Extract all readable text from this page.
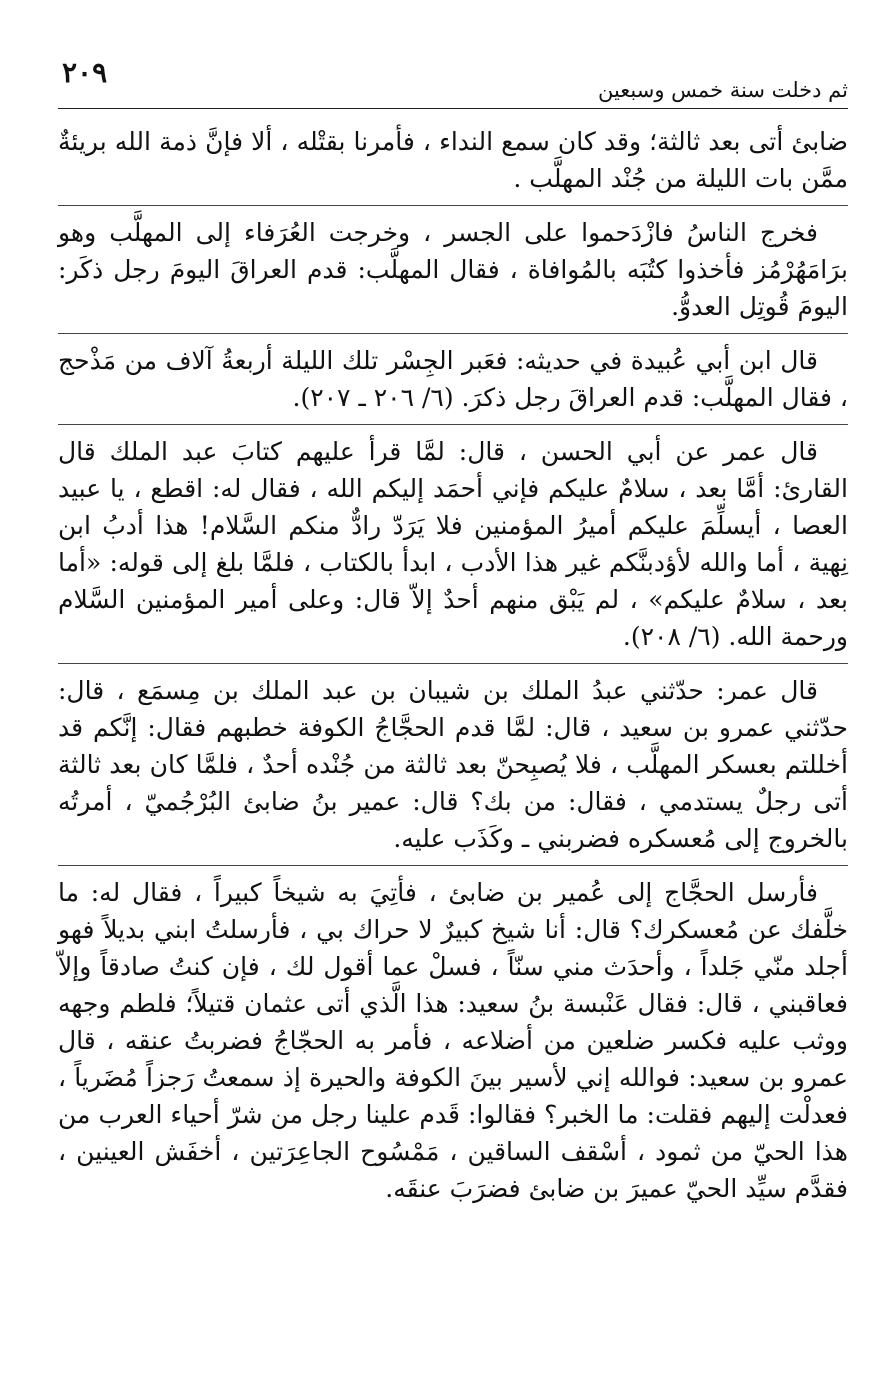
٢٠٩
ثم دخلت سنة خمس وسبعين

ضابئ أتى بعد ثالثة؛ وقد كان سمع النداء ، فأمرنا بقتْله ، ألا فإنَّ ذمة الله بريئةٌ ممَّن بات الليلة من جُنْد المهلَّب .

فخرج الناسُ فازْدَحموا على الجسر ، وخرجت العُرَفاء إلى المهلَّب وهو برَامَهُرْمُز فأخذوا كتُبَه بالمُوافاة ، فقال المهلَّب: قدم العراقَ اليومَ رجل ذكَر: اليومَ قُوتِل العدوُّ.

قال ابن أبي عُبيدة في حديثه: فعَبر الجِسْر تلك الليلة أربعةُ آلاف من مَذْحج ، فقال المهلَّب: قدم العراقَ رجل ذكرَ. (٦/ ٢٠٦ ـ ٢٠٧).

قال عمر عن أبي الحسن ، قال: لمَّا قرأ عليهم كتابَ عبد الملك قال القارئ: أمَّا بعد ، سلامٌ عليكم فإني أحمَد إليكم الله ، فقال له: اقطع ، يا عبيد العصا ، أيسلِّمَ عليكم أميرُ المؤمنين فلا يَرَدّ رادٌّ منكم السَّلام! هذا أدبُ ابن نِهية ، أما والله لأؤدبنَّكم غير هذا الأدب ، ابدأ بالكتاب ، فلمَّا بلغ إلى قوله: «أما بعد ، سلامٌ عليكم» ، لم يَبْق منهم أحدٌ إلاّ قال: وعلى أمير المؤمنين السَّلام ورحمة الله. (٦/ ٢٠٨).

قال عمر: حدّثني عبدُ الملك بن شيبان بن عبد الملك بن مِسمَع ، قال: حدّثني عمرو بن سعيد ، قال: لمَّا قدم الحجَّاجُ الكوفة خطبهم فقال: إنَّكم قد أخللتم بعسكر المهلَّب ، فلا يُصبِحنّ بعد ثالثة من جُنْده أحدٌ ، فلمَّا كان بعد ثالثة أتى رجلٌ يستدمي ، فقال: من بك؟ قال: عمير بنُ ضابئ البُرْجُميّ ، أمرتُه بالخروج إلى مُعسكره فضربني ـ وكَذَب عليه.

فأرسل الحجَّاج إلى عُمير بن ضابئ ، فأتِيَ به شيخاً كبيراً ، فقال له: ما خلَّفك عن مُعسكرك؟ قال: أنا شيخ كبيرٌ لا حراك بي ، فأرسلتُ ابني بديلاً فهو أجلد منّي جَلداً ، وأحدَث مني سنّاً ، فسلْ عما أقول لك ، فإن كنتُ صادقاً وإلاّ فعاقبني ، قال: فقال عَنْبسة بنُ سعيد: هذا الَّذي أتى عثمان قتيلاً؛ فلطم وجهه ووثب عليه فكسر ضلعين من أضلاعه ، فأمر به الحجّاجُ فضربتُ عنقه ، قال عمرو بن سعيد: فوالله إني لأسير بينَ الكوفة والحيرة إذ سمعتُ رَجزاً مُضَرياً ، فعدلْت إليهم فقلت: ما الخبر؟ فقالوا: قَدم علينا رجل من شرّ أحياء العرب من هذا الحيّ من ثمود ، أسْقف الساقين ، مَمْسُوح الجاعِرَتين ، أخفَش العينين ، فقدَّم سيِّد الحيّ عميرَ بن ضابئ فضرَبَ عنقَه.
